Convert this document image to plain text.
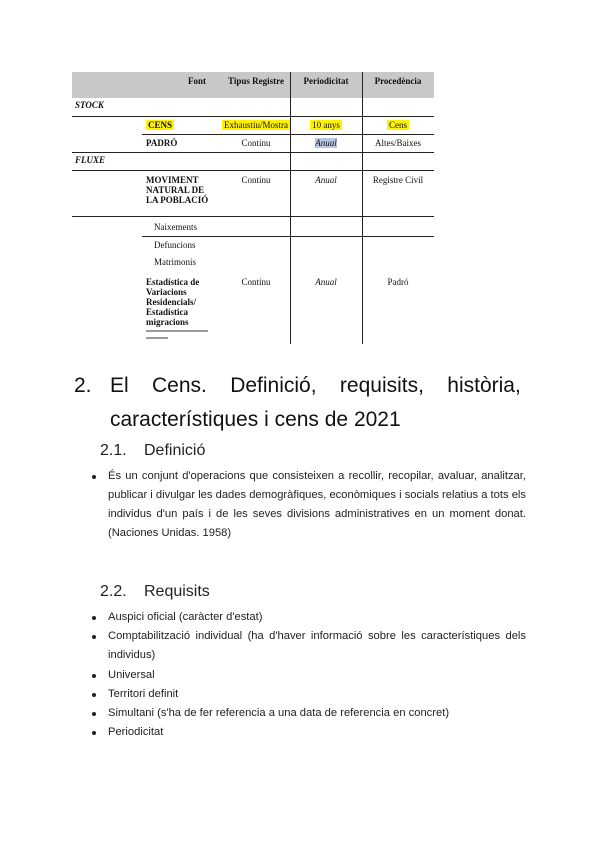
Font	Tipus Registre	Periodicitat	Procedència
STOCK
CENS	Exhaustiu/Mostra	10 anys	Cens
PADRÓ	Contínu	Anual	Altes/Baixes
FLUXE
MOVIMENT
NATURAL DE
LA POBLACIÓ
Contínu	Anual	Registre Civil
Naixements
Defuncions
Matrimonis
Estadística de
Variacions
Residencials/
Estadística
migracions
Contínu	Anual	Padró
2. El    Cens.    Definició,    requisits,    història,
característiques i cens de 2021
2.1. Definició
És un conjunt d'operacions que consisteixen a recollir, recopilar, avaluar, analitzar, publicar i divulgar les dades demogràfiques, econòmiques i socials relatius a tots els individus d'un país i de les seves divisions administratives en un moment donat. (Naciones Unidas. 1958)
2.2. Requisits
Auspici oficial (caràcter d'estat)
Comptabilització individual (ha d'haver informació sobre les característiques dels
individus)
Universal
Territori definit
Simultani (s'ha de fer referencia a una data de referencia en concret)
Periodicitat
